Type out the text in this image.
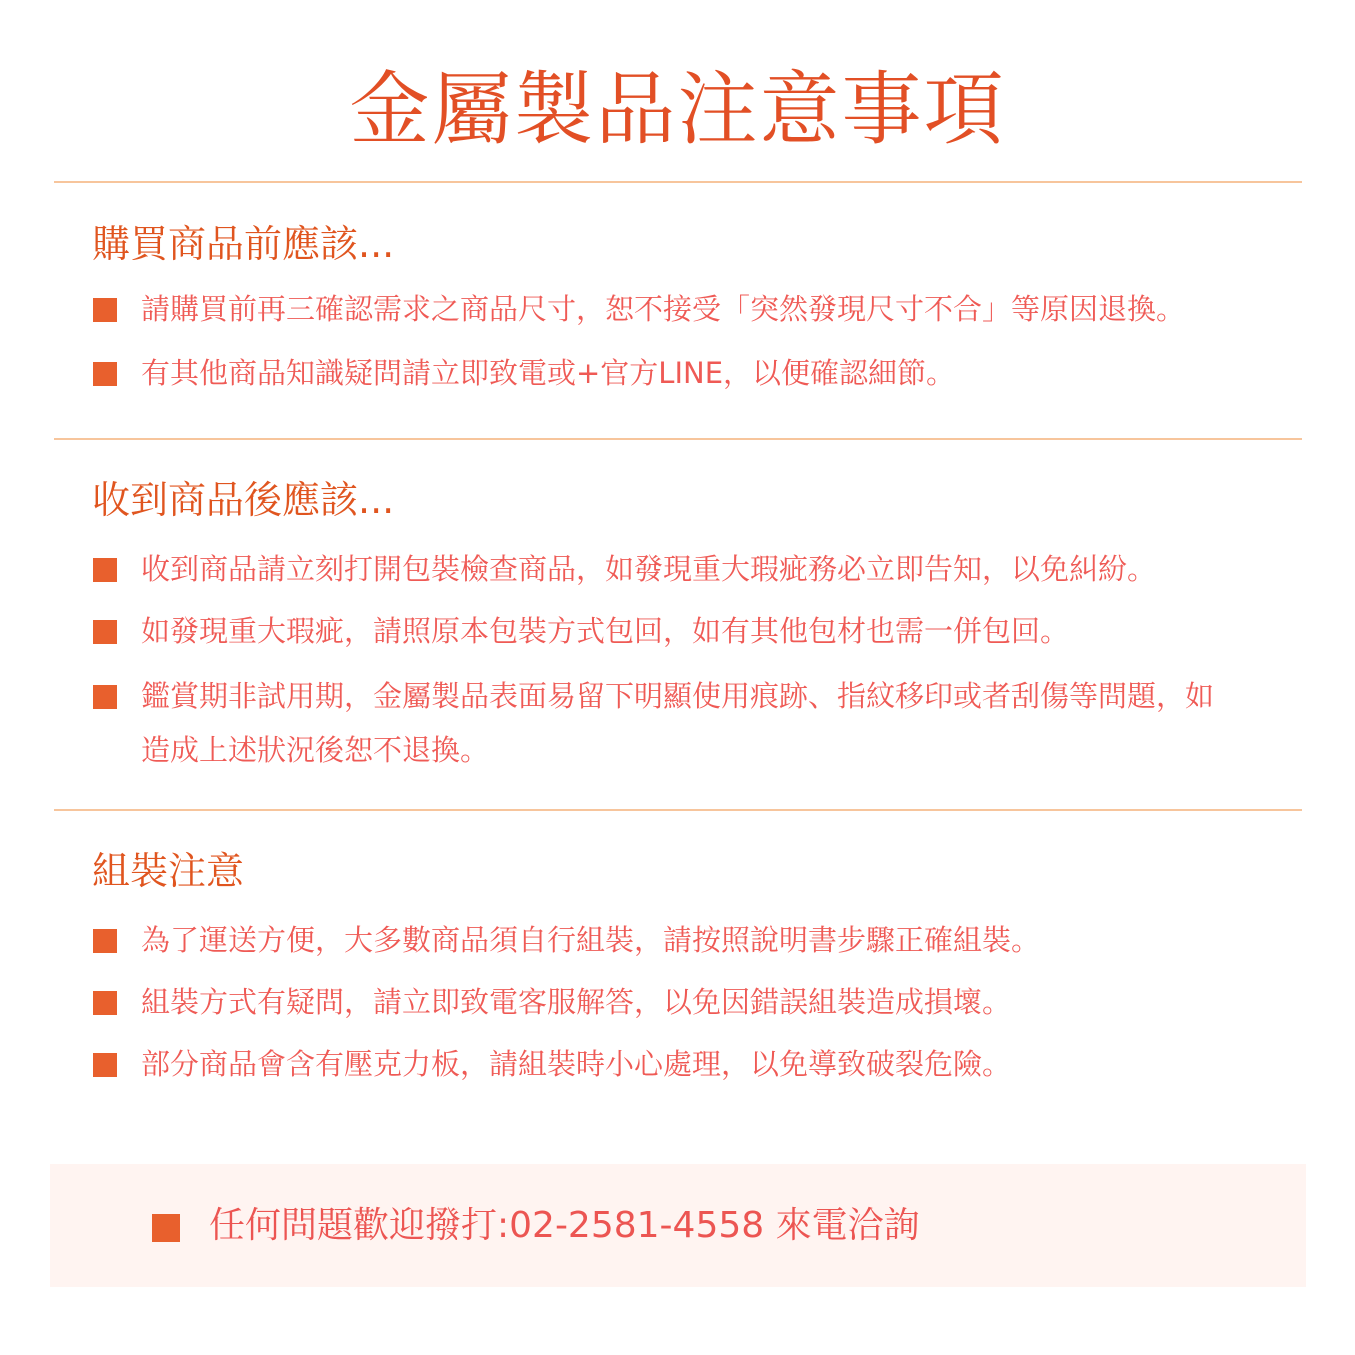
金屬製品注意事項
購買商品前應該...
請購買前再三確認需求之商品尺寸，恕不接受「突然發現尺寸不合」等原因退換。
有其他商品知識疑問請立即致電或+官方LINE，以便確認細節。
收到商品後應該...
收到商品請立刻打開包裝檢查商品，如發現重大瑕疵務必立即告知，以免糾紛。
如發現重大瑕疵，請照原本包裝方式包回，如有其他包材也需一併包回。
鑑賞期非試用期，金屬製品表面易留下明顯使用痕跡、指紋移印或者刮傷等問題，如造成上述狀況後恕不退換。
組裝注意
為了運送方便，大多數商品須自行組裝，請按照說明書步驟正確組裝。
組裝方式有疑問，請立即致電客服解答，以免因錯誤組裝造成損壞。
部分商品會含有壓克力板，請組裝時小心處理，以免導致破裂危險。
任何問題歡迎撥打:02-2581-4558 來電洽詢
